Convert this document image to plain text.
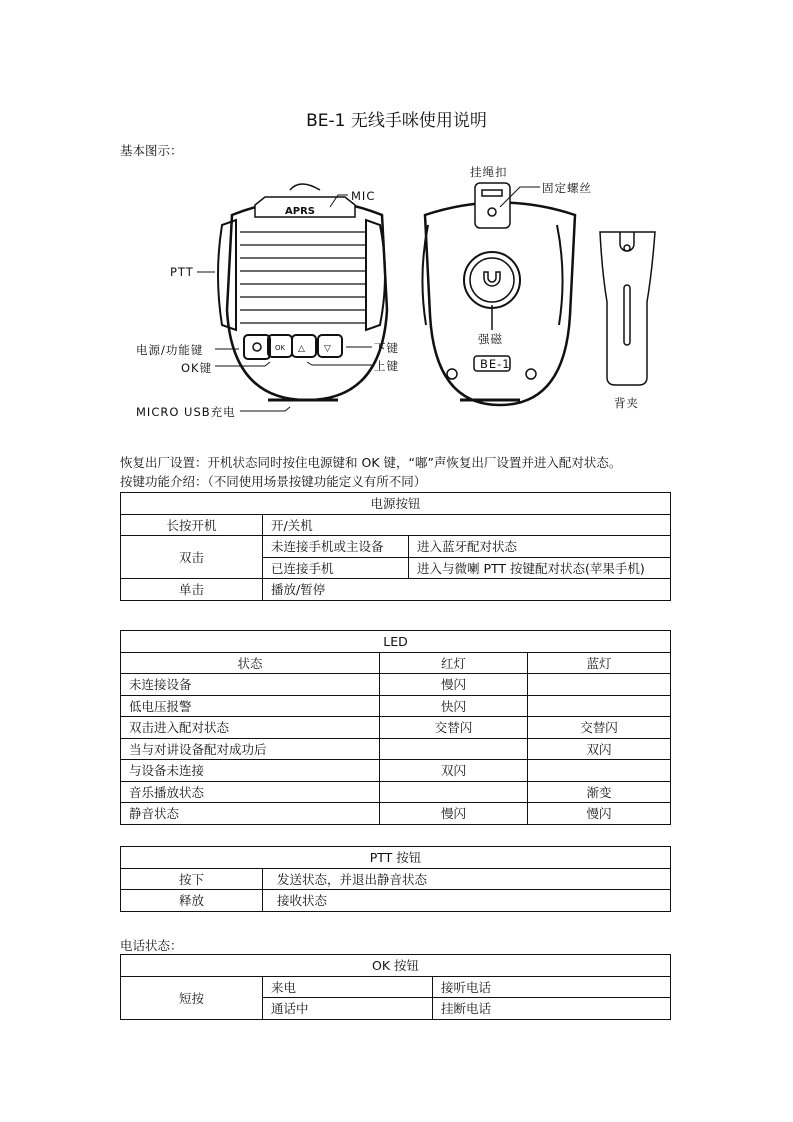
BE-1 无线手咪使用说明
基本图示：
APRS
OK △ ▽
MIC
PTT
电源/功能键
OK键
下键
上键
MICRO USB充电
挂绳扣
固定螺丝
强磁
BE-1
背夹
恢复出厂设置：开机状态同时按住电源键和 OK 键，“嘟”声恢复出厂设置并进入配对状态。
按键功能介绍：（不同使用场景按键功能定义有所不同）
电源按钮		
长按开机	开/关机	
双击	未连接手机或主设备	进入蓝牙配对状态
	已连接手机	进入与微喇 PTT 按键配对状态(苹果手机)
单击	播放/暂停	
LED		
状态	红灯	蓝灯
未连接设备	慢闪	
低电压报警	快闪	
双击进入配对状态	交替闪	交替闪
当与对讲设备配对成功后		双闪
与设备未连接	双闪	
音乐播放状态		渐变
静音状态	慢闪	慢闪
PTT 按钮	
按下	发送状态，并退出静音状态
释放	接收状态
电话状态：
OK 按钮		
短按	来电	接听电话
	通话中	挂断电话
